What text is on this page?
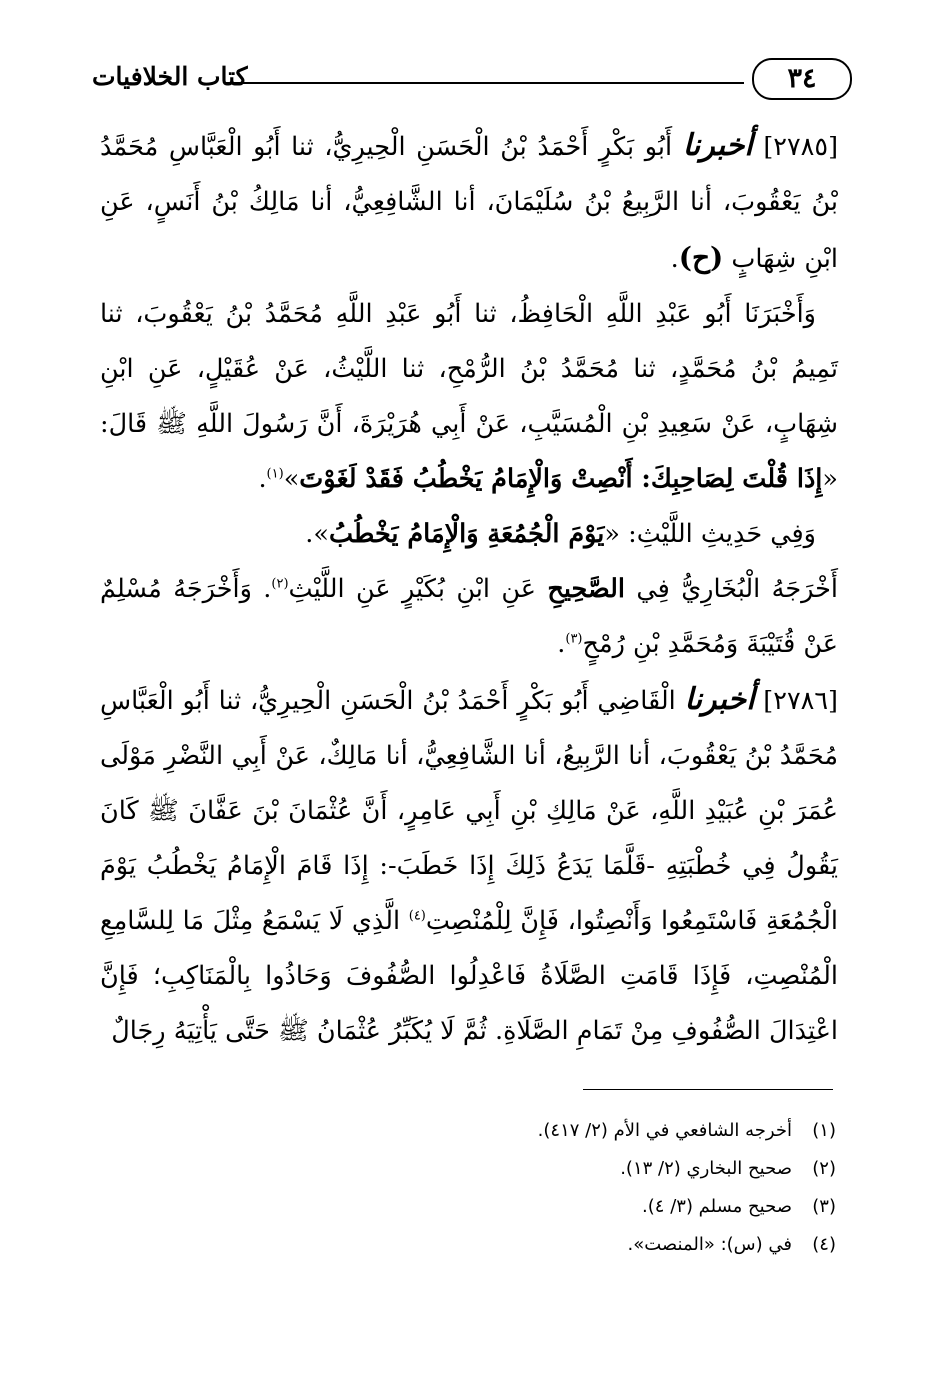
كتاب الخلافيات	٣٤

[٢٧٨٥] أخبرنا أَبُو بَكْرٍ أَحْمَدُ بْنُ الْحَسَنِ الْحِيرِيُّ، ثنا أَبُو الْعَبَّاسِ مُحَمَّدُ بْنُ يَعْقُوبَ، أنا الرَّبِيعُ بْنُ سُلَيْمَانَ، أنا الشَّافِعِيُّ، أنا مَالِكُ بْنُ أَنَسٍ، عَنِ ابْنِ شِهَابٍ (ح).

وَأَخْبَرَنَا أَبُو عَبْدِ اللَّهِ الْحَافِظُ، ثنا أَبُو عَبْدِ اللَّهِ مُحَمَّدُ بْنُ يَعْقُوبَ، ثنا تَمِيمُ بْنُ مُحَمَّدٍ، ثنا مُحَمَّدُ بْنُ الرُّمْحِ، ثنا اللَّيْثُ، عَنْ عُقَيْلٍ، عَنِ ابْنِ شِهَابٍ، عَنْ سَعِيدِ بْنِ الْمُسَيَّبِ، عَنْ أَبِي هُرَيْرَةَ، أَنَّ رَسُولَ اللَّهِ ﷺ قَالَ: «إِذَا قُلْتَ لِصَاحِبِكَ: أَنْصِتْ وَالْإِمَامُ يَخْطُبُ فَقَدْ لَغَوْتَ»$^{(١)}$.

وَفِي حَدِيثِ اللَّيْثِ: «يَوْمَ الْجُمُعَةِ وَالْإِمَامُ يَخْطُبُ».

أَخْرَجَهُ الْبُخَارِيُّ فِي الصَّحِيحِ عَنِ ابْنِ بُكَيْرٍ عَنِ اللَّيْثِ$^{(٢)}$. وَأَخْرَجَهُ مُسْلِمٌ عَنْ قُتَيْبَةَ وَمُحَمَّدِ بْنِ رُمْحٍ$^{(٣)}$.

[٢٧٨٦] أخبرنا الْقَاضِي أَبُو بَكْرٍ أَحْمَدُ بْنُ الْحَسَنِ الْحِيرِيُّ، ثنا أَبُو الْعَبَّاسِ مُحَمَّدُ بْنُ يَعْقُوبَ، أنا الرَّبِيعُ، أنا الشَّافِعِيُّ، أنا مَالِكٌ، عَنْ أَبِي النَّضْرِ مَوْلَى عُمَرَ بْنِ عُبَيْدِ اللَّهِ، عَنْ مَالِكِ بْنِ أَبِي عَامِرٍ، أَنَّ عُثْمَانَ بْنَ عَفَّانَ ﷺ كَانَ يَقُولُ فِي خُطْبَتِهِ -قَلَّمَا يَدَعُ ذَلِكَ إِذَا خَطَبَ-: إِذَا قَامَ الْإِمَامُ يَخْطُبُ يَوْمَ الْجُمُعَةِ فَاسْتَمِعُوا وَأَنْصِتُوا، فَإِنَّ لِلْمُنْصِتِ$^{(٤)}$ الَّذِي لَا يَسْمَعُ مِثْلَ مَا لِلسَّامِعِ الْمُنْصِتِ، فَإِذَا قَامَتِ الصَّلَاةُ فَاعْدِلُوا الصُّفُوفَ وَحَاذُوا بِالْمَنَاكِبِ؛ فَإِنَّ اعْتِدَالَ الصُّفُوفِ مِنْ تَمَامِ الصَّلَاةِ. ثُمَّ لَا يُكَبِّرُ عُثْمَانُ ﷺ حَتَّى يَأْتِيَهُ رِجَالٌ

(١)أخرجه الشافعي في الأم (٢/ ٤١٧).
(٢)صحيح البخاري (٢/ ١٣).
(٣)صحيح مسلم (٣/ ٤).
(٤)في (س): «المنصت».
